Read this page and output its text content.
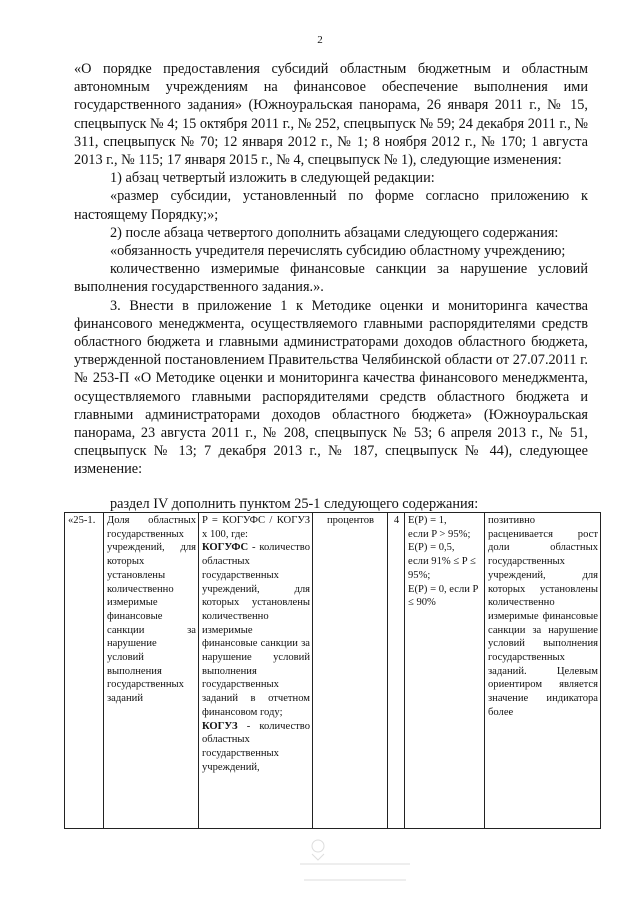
2

«О порядке предоставления субсидий областным бюджетным и областным автономным учреждениям на финансовое обеспечение выполнения ими государственного задания» (Южноуральская панорама, 26 января 2011 г., № 15, спецвыпуск № 4; 15 октября 2011 г., № 252, спецвыпуск № 59; 24 декабря 2011 г., № 311, спецвыпуск № 70; 12 января 2012 г., № 1; 8 ноября 2012 г., № 170; 1 августа 2013 г., № 115; 17 января 2015 г., № 4, спецвыпуск № 1), следующие изменения:

1) абзац четвертый изложить в следующей редакции:

«размер субсидии, установленный по форме согласно приложению к настоящему Порядку;»;

2) после абзаца четвертого дополнить абзацами следующего содержания:

«обязанность учредителя перечислять субсидию областному учреждению;

количественно измеримые финансовые санкции за нарушение условий выполнения государственного задания.».

3. Внести в приложение 1 к Методике оценки и мониторинга качества финансового менеджмента, осуществляемого главными распорядителями средств областного бюджета и главными администраторами доходов областного бюджета, утвержденной постановлением Правительства Челябинской области от 27.07.2011 г. № 253-П «О Методике оценки и мониторинга качества финансового менеджмента, осуществляемого главными распорядителями средств областного бюджета и главными администраторами доходов областного бюджета» (Южноуральская панорама, 23 августа 2011 г., № 208, спецвыпуск № 53; 6 апреля 2013 г., № 51, спецвыпуск № 13; 7 декабря 2013 г., № 187, спецвыпуск № 44), следующее изменение:

раздел IV дополнить пунктом 25-1 следующего содержания:
«25-1.	Доля областных государственных учреждений, для которых установлены количественно измеримые финансовые санкции за нарушение условий выполнения государственных заданий	P = КОГУФС / КОГУЗ x 100, где:
КОГУФС - количество областных государственных учреждений, для которых установлены количественно измеримые финансовые санкции за нарушение условий выполнения государственных заданий в отчетном финансовом году;
КОГУЗ - количество областных государственных учреждений,	процентов	4	E(P) = 1,
если P > 95%;
E(P) = 0,5,
если 91% ≤ P ≤ 95%;
E(P) = 0, если P ≤ 90%
	позитивно расценивается рост доли областных государственных учреждений, для которых установлены количественно измеримые финансовые санкции за нарушение условий выполнения государственных заданий. Целевым ориентиром является значение индикатора более
